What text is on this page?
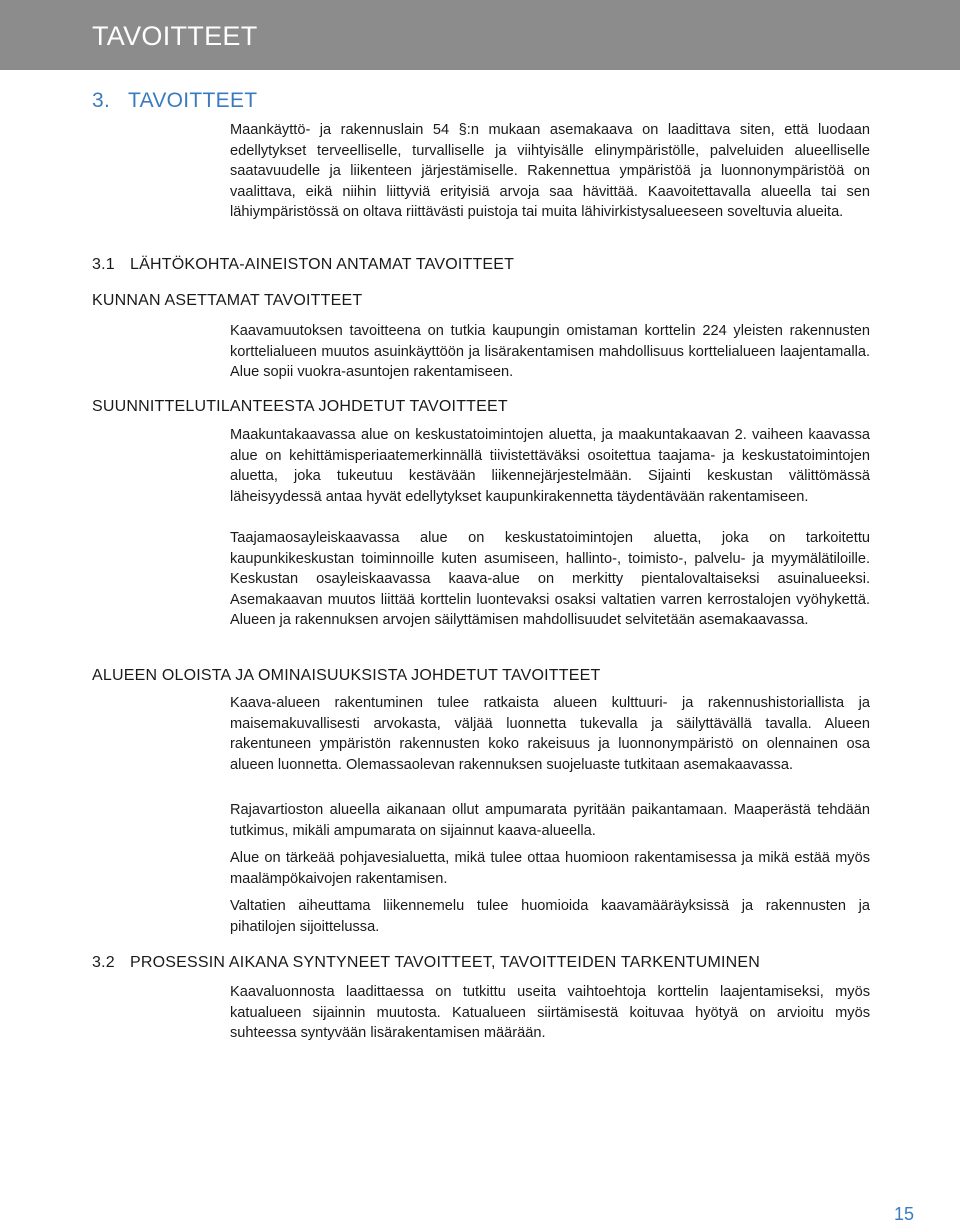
TAVOITTEET
3. TAVOITTEET

Maankäyttö- ja rakennuslain 54 §:n mukaan asemakaava on laadittava siten, että luodaan edellytykset terveelliselle, turvalliselle ja viihtyisälle elinympäristölle, palveluiden alueelliselle saatavuudelle ja liikenteen järjestämiselle. Rakennettua ympäristöä ja luonnonympäristöä on vaalittava, eikä niihin liittyviä erityisiä arvoja saa hävittää. Kaavoitettavalla alueella tai sen lähiympäristössä on oltava riittävästi puistoja tai muita lähivirkistysalueeseen soveltuvia alueita.

3.1 LÄHTÖKOHTA-AINEISTON ANTAMAT TAVOITTEET
KUNNAN ASETTAMAT TAVOITTEET

Kaavamuutoksen tavoitteena on tutkia kaupungin omistaman korttelin 224 yleisten rakennusten korttelialueen muutos asuinkäyttöön ja lisärakentamisen mahdollisuus korttelialueen laajentamalla. Alue sopii vuokra-asuntojen rakentamiseen.

SUUNNITTELUTILANTEESTA JOHDETUT TAVOITTEET

Maakuntakaavassa alue on keskustatoimintojen aluetta, ja maakuntakaavan 2. vaiheen kaavassa alue on kehittämisperiaatemerkinnällä tiivistettäväksi osoitettua taajama- ja keskustatoimintojen aluetta, joka tukeutuu kestävään liikennejärjestelmään. Sijainti keskustan välittömässä läheisyydessä antaa hyvät edellytykset kaupunkirakennetta täydentävään rakentamiseen.

Taajamaosayleiskaavassa alue on keskustatoimintojen aluetta, joka on tarkoitettu kaupunkikeskustan toiminnoille kuten asumiseen, hallinto-, toimisto-, palvelu- ja myymälätiloille. Keskustan osayleiskaavassa kaava-alue on merkitty pientalovaltaiseksi asuinalueeksi. Asemakaavan muutos liittää korttelin luontevaksi osaksi valtatien varren kerrostalojen vyöhykettä. Alueen ja rakennuksen arvojen säilyttämisen mahdollisuudet selvitetään asemakaavassa.

ALUEEN OLOISTA JA OMINAISUUKSISTA JOHDETUT TAVOITTEET

Kaava-alueen rakentuminen tulee ratkaista alueen kulttuuri- ja rakennushistoriallista ja maisemakuvallisesti arvokasta, väljää luonnetta tukevalla ja säilyttävällä tavalla. Alueen rakentuneen ympäristön rakennusten koko rakeisuus ja luonnonympäristö on olennainen osa alueen luonnetta. Olemassaolevan rakennuksen suojeluaste tutkitaan asemakaavassa.

Rajavartioston alueella aikanaan ollut ampumarata pyritään paikantamaan. Maaperästä tehdään tutkimus, mikäli ampumarata on sijainnut kaava-alueella.

Alue on tärkeää pohjavesialuetta, mikä tulee ottaa huomioon rakentamisessa ja mikä estää myös maalämpökaivojen rakentamisen.

Valtatien aiheuttama liikennemelu tulee huomioida kaavamääräyksissä ja rakennusten ja pihatilojen sijoittelussa.

3.2 PROSESSIN AIKANA SYNTYNEET TAVOITTEET, TAVOITTEIDEN TARKENTUMINEN

Kaavaluonnosta laadittaessa on tutkittu useita vaihtoehtoja korttelin laajentamiseksi, myös katualueen sijainnin muutosta. Katualueen siirtämisestä koituvaa hyötyä on arvioitu myös suhteessa syntyvään lisärakentamisen määrään.

15
